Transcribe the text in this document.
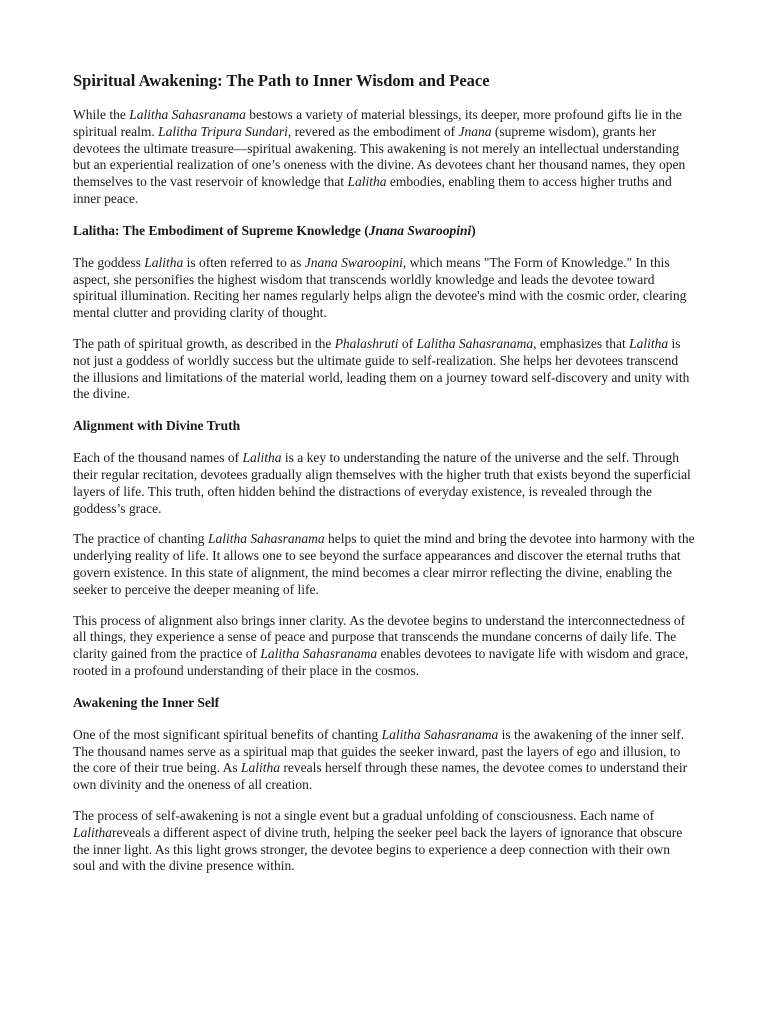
Spiritual Awakening: The Path to Inner Wisdom and Peace

While the Lalitha Sahasranama bestows a variety of material blessings, its deeper, more profound gifts lie in the spiritual realm. Lalitha Tripura Sundari, revered as the embodiment of Jnana (supreme wisdom), grants her devotees the ultimate treasure—spiritual awakening. This awakening is not merely an intellectual understanding but an experiential realization of one’s oneness with the divine. As devotees chant her thousand names, they open themselves to the vast reservoir of knowledge that Lalitha embodies, enabling them to access higher truths and inner peace.

Lalitha: The Embodiment of Supreme Knowledge (Jnana Swaroopini)

The goddess Lalitha is often referred to as Jnana Swaroopini, which means "The Form of Knowledge." In this aspect, she personifies the highest wisdom that transcends worldly knowledge and leads the devotee toward spiritual illumination. Reciting her names regularly helps align the devotee's mind with the cosmic order, clearing mental clutter and providing clarity of thought.

The path of spiritual growth, as described in the Phalashruti of Lalitha Sahasranama, emphasizes that Lalitha is not just a goddess of worldly success but the ultimate guide to self-realization. She helps her devotees transcend the illusions and limitations of the material world, leading them on a journey toward self-discovery and unity with the divine.

Alignment with Divine Truth

Each of the thousand names of Lalitha is a key to understanding the nature of the universe and the self. Through their regular recitation, devotees gradually align themselves with the higher truth that exists beyond the superficial layers of life. This truth, often hidden behind the distractions of everyday existence, is revealed through the goddess’s grace.

The practice of chanting Lalitha Sahasranama helps to quiet the mind and bring the devotee into harmony with the underlying reality of life. It allows one to see beyond the surface appearances and discover the eternal truths that govern existence. In this state of alignment, the mind becomes a clear mirror reflecting the divine, enabling the seeker to perceive the deeper meaning of life.

This process of alignment also brings inner clarity. As the devotee begins to understand the interconnectedness of all things, they experience a sense of peace and purpose that transcends the mundane concerns of daily life. The clarity gained from the practice of Lalitha Sahasranama enables devotees to navigate life with wisdom and grace, rooted in a profound understanding of their place in the cosmos.

Awakening the Inner Self

One of the most significant spiritual benefits of chanting Lalitha Sahasranama is the awakening of the inner self. The thousand names serve as a spiritual map that guides the seeker inward, past the layers of ego and illusion, to the core of their true being. As Lalitha reveals herself through these names, the devotee comes to understand their own divinity and the oneness of all creation.

The process of self-awakening is not a single event but a gradual unfolding of consciousness. Each name of Lalithareveals a different aspect of divine truth, helping the seeker peel back the layers of ignorance that obscure the inner light. As this light grows stronger, the devotee begins to experience a deep connection with their own soul and with the divine presence within.
